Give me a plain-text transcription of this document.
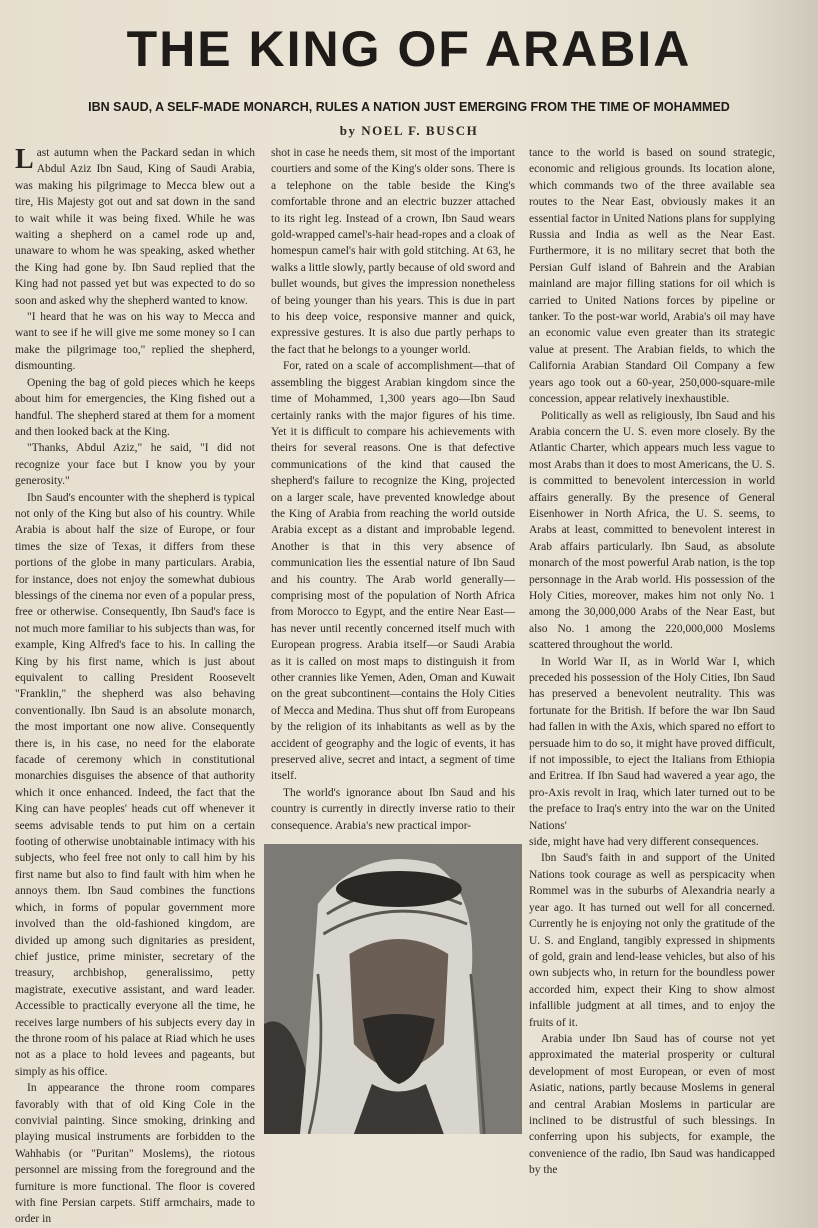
THE KING OF ARABIA
IBN SAUD, A SELF-MADE MONARCH, RULES A NATION JUST EMERGING FROM THE TIME OF MOHAMMED
by NOEL F. BUSCH

Last autumn when the Packard sedan in which Abdul Aziz Ibn Saud, King of Saudi Arabia, was making his pilgrimage to Mecca blew out a tire, His Majesty got out and sat down in the sand to wait while it was being fixed. While he was waiting a shepherd on a camel rode up and, unaware to whom he was speaking, asked whether the King had gone by. Ibn Saud replied that the King had not passed yet but was expected to do so soon and asked why the shepherd wanted to know.

"I heard that he was on his way to Mecca and want to see if he will give me some money so I can make the pilgrimage too," replied the shepherd, dismounting.

Opening the bag of gold pieces which he keeps about him for emergencies, the King fished out a handful. The shepherd stared at them for a moment and then looked back at the King.

"Thanks, Abdul Aziz," he said, "I did not recognize your face but I know you by your generosity."

Ibn Saud's encounter with the shepherd is typical not only of the King but also of his country. While Arabia is about half the size of Europe, or four times the size of Texas, it differs from these portions of the globe in many particulars. Arabia, for instance, does not enjoy the somewhat dubious blessings of the cinema nor even of a popular press, free or otherwise. Consequently, Ibn Saud's face is not much more familiar to his subjects than was, for example, King Alfred's face to his. In calling the King by his first name, which is just about equivalent to calling President Roosevelt "Franklin," the shepherd was also behaving conventionally. Ibn Saud is an absolute monarch, the most important one now alive. Consequently there is, in his case, no need for the elaborate facade of ceremony which in constitutional monarchies disguises the absence of that authority which it once enhanced. Indeed, the fact that the King can have peoples' heads cut off whenever it seems advisable tends to put him on a certain footing of otherwise unobtainable intimacy with his subjects, who feel free not only to call him by his first name but also to find fault with him when he annoys them. Ibn Saud combines the functions which, in forms of popular government more involved than the old-fashioned kingdom, are divided up among such dignitaries as president, chief justice, prime minister, secretary of the treasury, archbishop, generalissimo, petty magistrate, executive assistant, and ward leader. Accessible to practically everyone all the time, he receives large numbers of his subjects every day in the throne room of his palace at Riad which he uses not as a place to hold levees and pageants, but simply as his office.

In appearance the throne room compares favorably with that of old King Cole in the convivial painting. Since smoking, drinking and playing musical instruments are forbidden to the Wahhabis (or "Puritan" Moslems), the riotous personnel are missing from the foreground and the furniture is more functional. The floor is covered with fine Persian carpets. Stiff armchairs, made to order in

shot in case he needs them, sit most of the important courtiers and some of the King's older sons. There is a telephone on the table beside the King's comfortable throne and an electric buzzer attached to its right leg. Instead of a crown, Ibn Saud wears gold-wrapped camel's-hair head-ropes and a cloak of homespun camel's hair with gold stitching. At 63, he walks a little slowly, partly because of old sword and bullet wounds, but gives the impression nonetheless of being younger than his years. This is due in part to his deep voice, responsive manner and quick, expressive gestures. It is also due partly perhaps to the fact that he belongs to a younger world.

For, rated on a scale of accomplishment—that of assembling the biggest Arabian kingdom since the time of Mohammed, 1,300 years ago—Ibn Saud certainly ranks with the major figures of his time. Yet it is difficult to compare his achievements with theirs for several reasons. One is that defective communications of the kind that caused the shepherd's failure to recognize the King, projected on a larger scale, have prevented knowledge about the King of Arabia from reaching the world outside Arabia except as a distant and improbable legend. Another is that in this very absence of communication lies the essential nature of Ibn Saud and his country. The Arab world generally—comprising most of the population of North Africa from Morocco to Egypt, and the entire Near East—has never until recently concerned itself much with European progress. Arabia itself—or Saudi Arabia as it is called on most maps to distinguish it from other crannies like Yemen, Aden, Oman and Kuwait on the great subcontinent—contains the Holy Cities of Mecca and Medina. Thus shut off from Europeans by the religion of its inhabitants as well as by the accident of geography and the logic of events, it has preserved alive, secret and intact, a segment of time itself.

The world's ignorance about Ibn Saud and his country is currently in directly inverse ratio to their consequence. Arabia's new practical impor-

tance to the world is based on sound strategic, economic and religious grounds. Its location alone, which commands two of the three available sea routes to the Near East, obviously makes it an essential factor in United Nations plans for supplying Russia and India as well as the Near East. Furthermore, it is no military secret that both the Persian Gulf island of Bahrein and the Arabian mainland are major filling stations for oil which is carried to United Nations forces by pipeline or tanker. To the post-war world, Arabia's oil may have an economic value even greater than its strategic value at present. The Arabian fields, to which the California Arabian Standard Oil Company a few years ago took out a 60-year, 250,000-square-mile concession, appear relatively inexhaustible.

Politically as well as religiously, Ibn Saud and his Arabia concern the U. S. even more closely. By the Atlantic Charter, which appears much less vague to most Arabs than it does to most Americans, the U. S. is committed to benevolent intercession in world affairs generally. By the presence of General Eisenhower in North Africa, the U. S. seems, to Arabs at least, committed to benevolent interest in Arab affairs particularly. Ibn Saud, as absolute monarch of the most powerful Arab nation, is the top personnage in the Arab world. His possession of the Holy Cities, moreover, makes him not only No. 1 among the 30,000,000 Arabs of the Near East, but also No. 1 among the 220,000,000 Moslems scattered throughout the world.

In World War II, as in World War I, which preceded his possession of the Holy Cities, Ibn Saud has preserved a benevolent neutrality. This was fortunate for the British. If before the war Ibn Saud had fallen in with the Axis, which spared no effort to persuade him to do so, it might have proved difficult, if not impossible, to eject the Italians from Ethiopia and Eritrea. If Ibn Saud had wavered a year ago, the pro-Axis revolt in Iraq, which later turned out to be the preface to Iraq's entry into the war on the United Nations'

side, might have had very different consequences.

Ibn Saud's faith in and support of the United Nations took courage as well as perspicacity when Rommel was in the suburbs of Alexandria nearly a year ago. It has turned out well for all concerned. Currently he is enjoying not only the gratitude of the U. S. and England, tangibly expressed in shipments of gold, grain and lend-lease vehicles, but also of his own subjects who, in return for the boundless power accorded him, expect their King to show almost infallible judgment at all times, and to enjoy the fruits of it.

Arabia under Ibn Saud has of course not yet approximated the material prosperity or cultural development of most European, or even of most Asiatic, nations, partly because Moslems in general and central Arabian Moslems in particular are inclined to be distrustful of such blessings. In conferring upon his subjects, for example, the convenience of the radio, Ibn Saud was handicapped by the
